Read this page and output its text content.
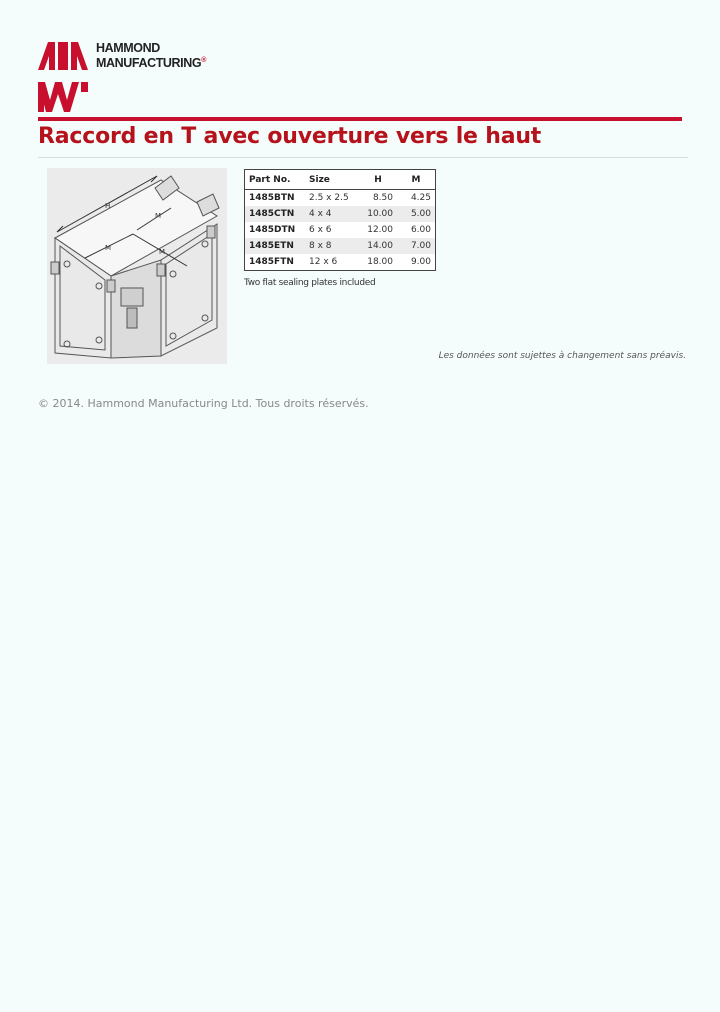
HAMMOND
MANUFACTURING®
Raccord en T avec ouverture vers le haut
H
M	M
M
Part No.	Size	H	M
1485BTN	2.5 x 2.5	8.50	4.25
1485CTN	4 x 4	10.00	5.00
1485DTN	6 x 6	12.00	6.00
1485ETN	8 x 8	14.00	7.00
1485FTN	12 x 6	18.00	9.00
Two flat sealing plates included
Les données sont sujettes à changement sans préavis.
© 2014. Hammond Manufacturing Ltd. Tous droits réservés.
